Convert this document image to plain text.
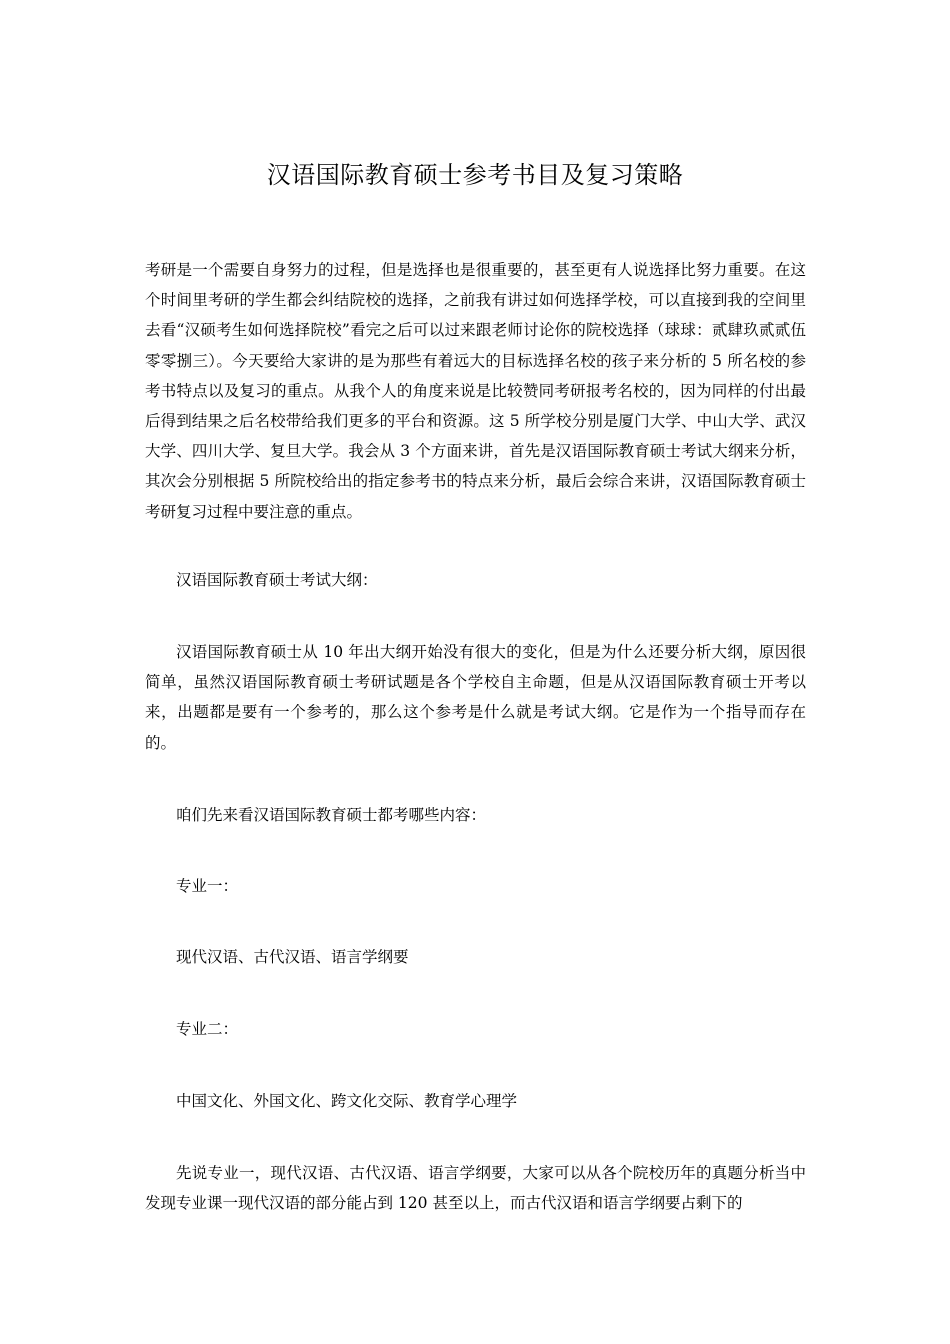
汉语国际教育硕士参考书目及复习策略

考研是一个需要自身努力的过程，但是选择也是很重要的，甚至更有人说选择比努力重要。在这个时间里考研的学生都会纠结院校的选择，之前我有讲过如何选择学校，可以直接到我的空间里去看“汉硕考生如何选择院校”看完之后可以过来跟老师讨论你的院校选择（球球：贰肆玖贰贰伍零零捌三）。今天要给大家讲的是为那些有着远大的目标选择名校的孩子来分析的 5 所名校的参考书特点以及复习的重点。从我个人的角度来说是比较赞同考研报考名校的，因为同样的付出最后得到结果之后名校带给我们更多的平台和资源。这 5 所学校分别是厦门大学、中山大学、武汉大学、四川大学、复旦大学。我会从 3 个方面来讲，首先是汉语国际教育硕士考试大纲来分析，其次会分别根据 5 所院校给出的指定参考书的特点来分析，最后会综合来讲，汉语国际教育硕士考研复习过程中要注意的重点。

汉语国际教育硕士考试大纲：

汉语国际教育硕士从 10 年出大纲开始没有很大的变化，但是为什么还要分析大纲，原因很简单，虽然汉语国际教育硕士考研试题是各个学校自主命题，但是从汉语国际教育硕士开考以来，出题都是要有一个参考的，那么这个参考是什么就是考试大纲。它是作为一个指导而存在的。

咱们先来看汉语国际教育硕士都考哪些内容：

专业一：

现代汉语、古代汉语、语言学纲要

专业二：

中国文化、外国文化、跨文化交际、教育学心理学

先说专业一，现代汉语、古代汉语、语言学纲要，大家可以从各个院校历年的真题分析当中发现专业课一现代汉语的部分能占到 120 甚至以上，而古代汉语和语言学纲要占剩下的
